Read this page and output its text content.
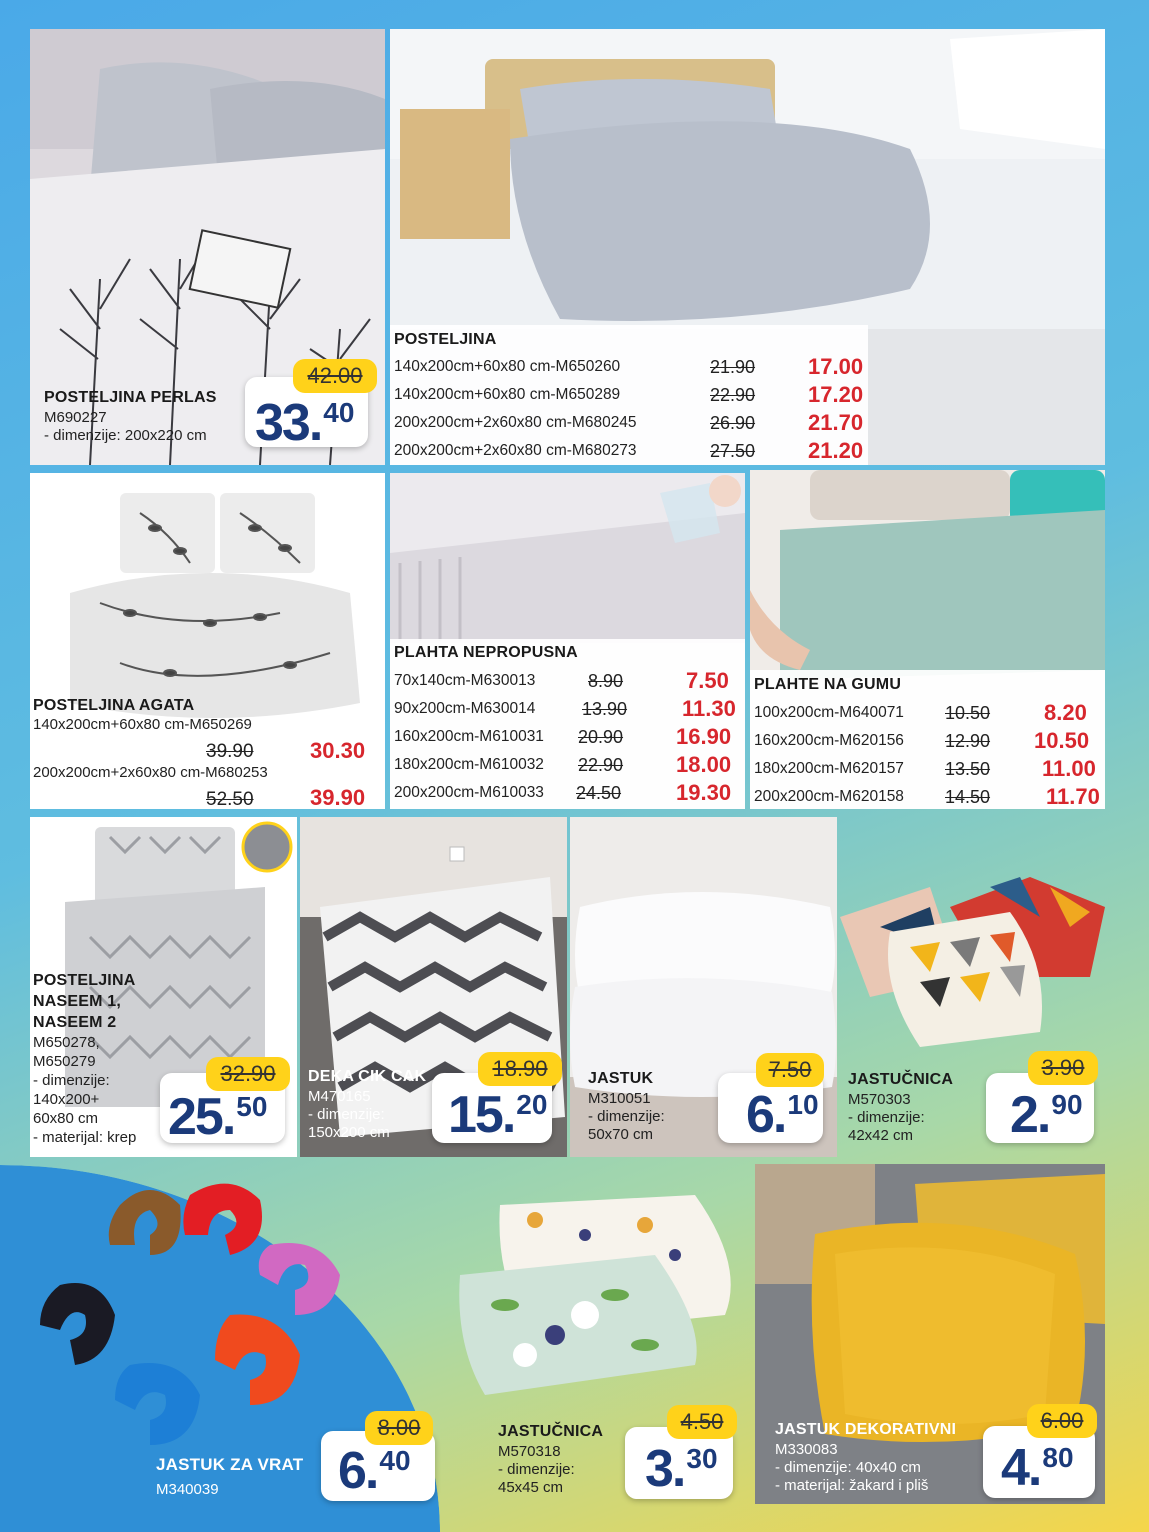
POSTELJINA PERLAS
M690227
- dimenzije: 200x220 cm
42.00
33.40
POSTELJINA
140x200cm+60x80 cm-M650260	21.90 17.00
140x200cm+60x80 cm-M650289	22.90 17.20
200x200cm+2x60x80 cm-M680245	26.90 21.70
200x200cm+2x60x80 cm-M680273	27.50 21.20
POSTELJINA AGATA
140x200cm+60x80 cm-M650269
39.90	30.30
200x200cm+2x60x80 cm-M680253
52.50	39.90
PLAHTA NEPROPUSNA
70x140cm-M630013	8.90	7.50
90x200cm-M630014	13.90 11.30
160x200cm-M610031 20.90 16.90
180x200cm-M610032 22.90 18.00
200x200cm-M610033 24.50 19.30
PLAHTE NA GUMU
100x200cm-M640071 10.50 8.20
160x200cm-M620156 12.90 10.50
180x200cm-M620157 13.50 11.00
200x200cm-M620158 14.50	11.70
POSTELJINA
NASEEM 1,
NASEEM 2
M650278,
M650279
- dimenzije:
140x200+
60x80 cm
- materijal: krep
32.90
25.50
DEKA CIK CAK
M470165
- dimenzije:
150x200 cm
18.90
15.20
JASTUK
M310051
- dimenzije:
50x70 cm
7.50
6.10
JASTUČNICA
M570303
- dimenzije:
42x42 cm
3.90
2.90
JASTUK ZA VRAT
M340039
8.00
6.40
JASTUČNICA
M570318
- dimenzije:
45x45 cm
4.50
3.30
JASTUK DEKORATIVNI
M330083
- dimenzije: 40x40 cm
- materijal: žakard i pliš
6.00
4.80
